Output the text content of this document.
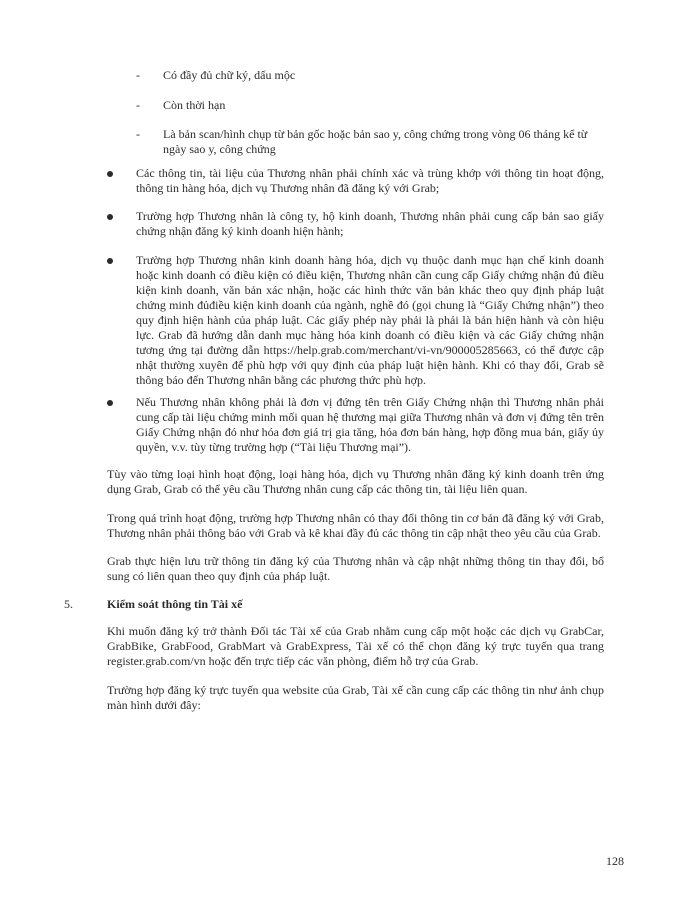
- Có đầy đủ chữ ký, dấu mộc

- Còn thời hạn

- Là bản scan/hình chụp từ bản gốc hoặc bản sao y, công chứng trong vòng 06 tháng kể từ ngày sao y, công chứng

Các thông tin, tài liệu của Thương nhân phải chính xác và trùng khớp với thông tin hoạt động, thông tin hàng hóa, dịch vụ Thương nhân đã đăng ký với Grab;

Trường hợp Thương nhân là công ty, hộ kinh doanh, Thương nhân phải cung cấp bản sao giấy chứng nhận đăng ký kinh doanh hiện hành;

Trường hợp Thương nhân kinh doanh hàng hóa, dịch vụ thuộc danh mục hạn chế kinh doanh hoặc kinh doanh có điều kiện có điều kiện, Thương nhân cần cung cấp Giấy chứng nhận đủ điều kiện kinh doanh, văn bản xác nhận, hoặc các hình thức văn bản khác theo quy định pháp luật chứng minh đủđiều kiện kinh doanh của ngành, nghề đó (gọi chung là “Giấy Chứng nhận”) theo quy định hiện hành của pháp luật. Các giấy phép này phải là phải là bản hiện hành và còn hiệu lực. Grab đã hướng dẫn danh mục hàng hóa kinh doanh có điều kiện và các Giấy chứng nhận tương ứng tại đường dẫn https://help.grab.com/merchant/vi-vn/900005285663, có thể được cập nhật thường xuyên để phù hợp với quy định của pháp luật hiện hành. Khi có thay đổi, Grab sẽ thông báo đến Thương nhân bằng các phương thức phù hợp.

Nếu Thương nhân không phải là đơn vị đứng tên trên Giấy Chứng nhận thì Thương nhân phải cung cấp tài liệu chứng minh mối quan hệ thương mại giữa Thương nhân và đơn vị đứng tên trên Giấy Chứng nhận đó như hóa đơn giá trị gia tăng, hóa đơn bán hàng, hợp đồng mua bán, giấy ủy quyền, v.v. tùy từng trường hợp (“Tài liệu Thương mại”).

Tùy vào từng loại hình hoạt động, loại hàng hóa, dịch vụ Thương nhân đăng ký kinh doanh trên ứng dụng Grab, Grab có thể yêu cầu Thương nhân cung cấp các thông tin, tài liệu liên quan.

Trong quá trình hoạt động, trường hợp Thương nhân có thay đổi thông tin cơ bản đã đăng ký với Grab, Thương nhân phải thông báo với Grab và kê khai đầy đủ các thông tin cập nhật theo yêu cầu của Grab.

Grab thực hiện lưu trữ thông tin đăng ký của Thương nhân và cập nhật những thông tin thay đổi, bổ sung có liên quan theo quy định của pháp luật.

5.	Kiểm soát thông tin Tài xế

Khi muốn đăng ký trở thành Đối tác Tài xế của Grab nhằm cung cấp một hoặc các dịch vụ GrabCar, GrabBike, GrabFood, GrabMart và GrabExpress, Tài xế có thể chọn đăng ký trực tuyến qua trang register.grab.com/vn hoặc đến trực tiếp các văn phòng, điểm hỗ trợ của Grab.

Trường hợp đăng ký trực tuyến qua website của Grab, Tài xế cần cung cấp các thông tin như ảnh chụp màn hình dưới đây:

128
